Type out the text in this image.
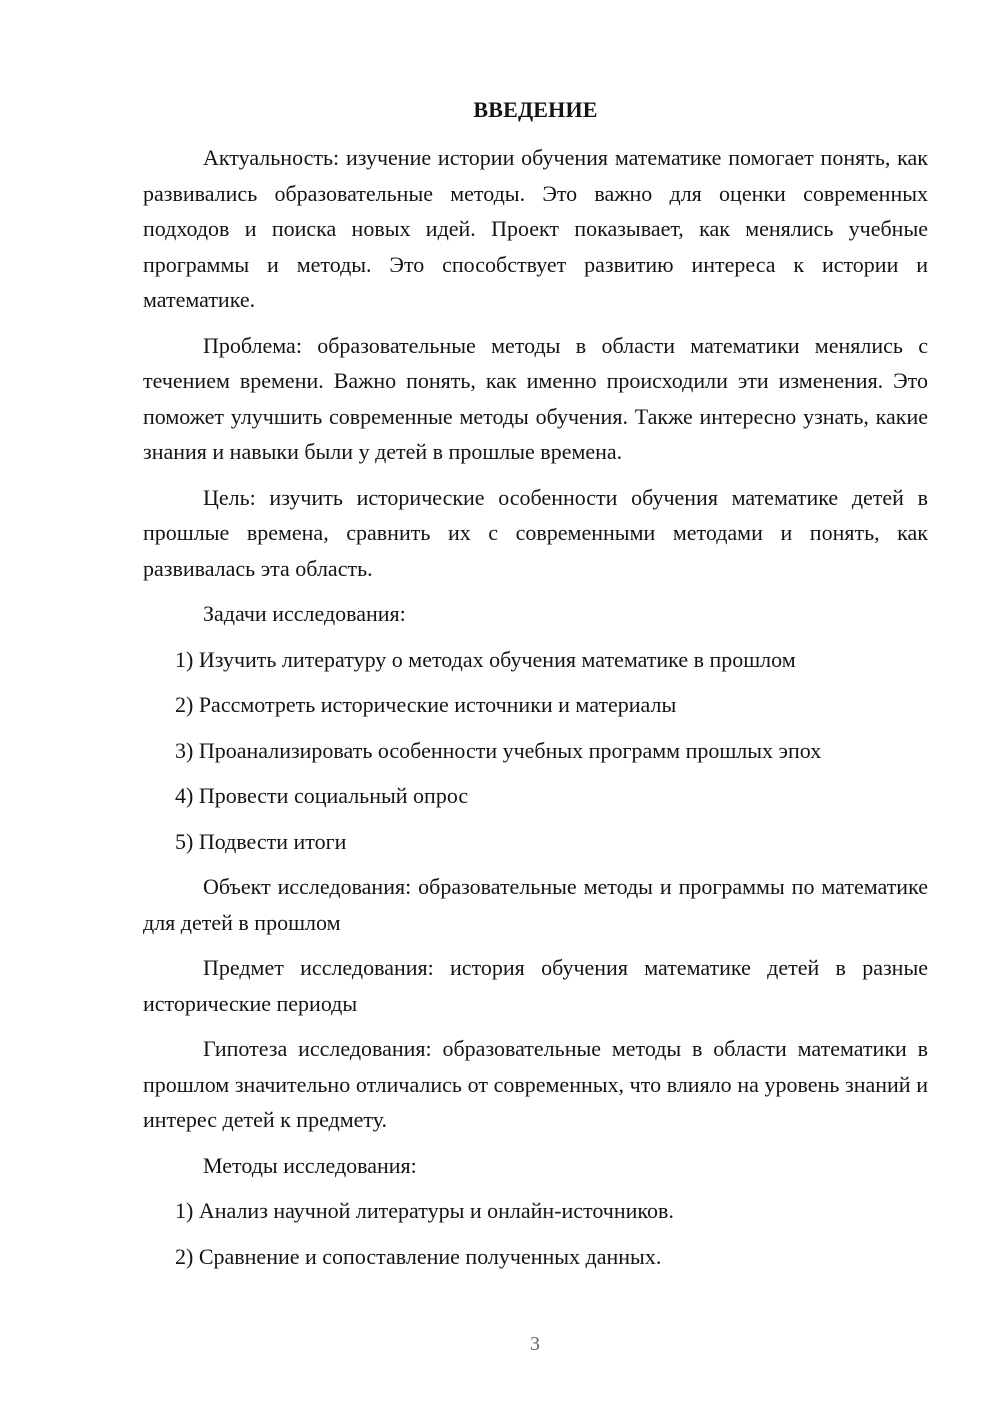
ВВЕДЕНИЕ

Актуальность: изучение истории обучения математике помогает понять, как развивались образовательные методы. Это важно для оценки современных подходов и поиска новых идей. Проект показывает, как менялись учебные программы и методы. Это способствует развитию интереса к истории и математике.

Проблема: образовательные методы в области математики менялись с течением времени. Важно понять, как именно происходили эти изменения. Это поможет улучшить современные методы обучения. Также интересно узнать, какие знания и навыки были у детей в прошлые времена.

Цель: изучить исторические особенности обучения математике детей в прошлые времена, сравнить их с современными методами и понять, как развивалась эта область.

Задачи исследования:

1) Изучить литературу о методах обучения математике в прошлом
2) Рассмотреть исторические источники и материалы
3) Проанализировать особенности учебных программ прошлых эпох
4) Провести социальный опрос
5) Подвести итоги

Объект исследования: образовательные методы и программы по математике для детей в прошлом

Предмет исследования: история обучения математике детей в разные исторические периоды

Гипотеза исследования: образовательные методы в области математики в прошлом значительно отличались от современных, что влияло на уровень знаний и интерес детей к предмету.

Методы исследования:

1) Анализ научной литературы и онлайн-источников.
2) Сравнение и сопоставление полученных данных.
3
